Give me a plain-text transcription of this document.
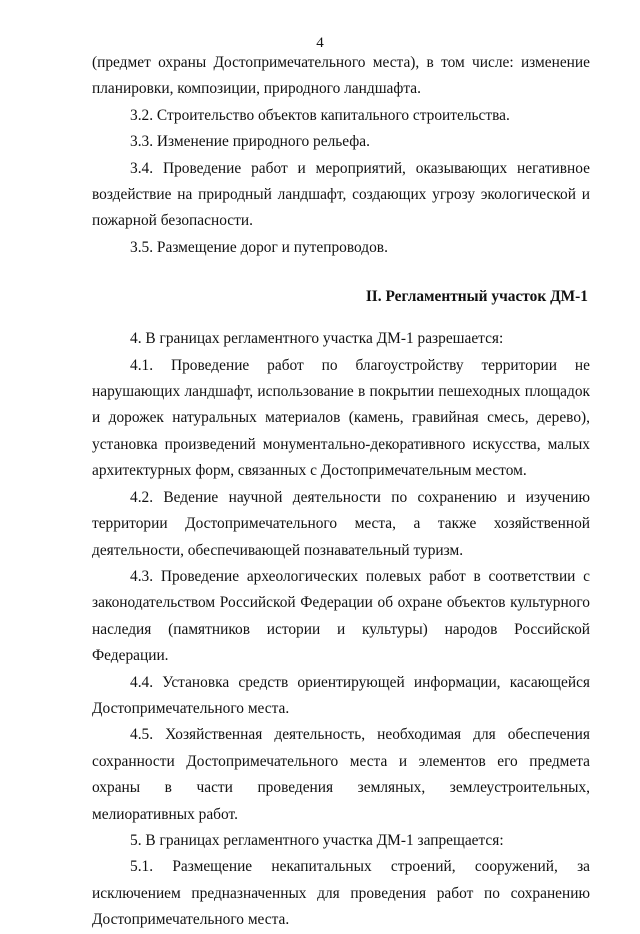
4

(предмет охраны Достопримечательного места), в том числе: изменение планировки, композиции, природного ландшафта.

3.2. Строительство объектов капитального строительства.

3.3. Изменение природного рельефа.

3.4. Проведение работ и мероприятий, оказывающих негативное воздействие на природный ландшафт, создающих угрозу экологической и пожарной безопасности.

3.5. Размещение дорог и путепроводов.

II. Регламентный участок ДМ-1

4. В границах регламентного участка ДМ-1 разрешается:

4.1. Проведение работ по благоустройству территории не нарушающих ландшафт, использование в покрытии пешеходных площадок и дорожек натуральных материалов (камень, гравийная смесь, дерево), установка произведений монументально-декоративного искусства, малых архитектурных форм, связанных с Достопримечательным местом.

4.2. Ведение научной деятельности по сохранению и изучению территории Достопримечательного места, а также хозяйственной деятельности, обеспечивающей познавательный туризм.

4.3. Проведение археологических полевых работ в соответствии с законодательством Российской Федерации об охране объектов культурного наследия (памятников истории и культуры) народов Российской Федерации.

4.4. Установка средств ориентирующей информации, касающейся Достопримечательного места.

4.5. Хозяйственная деятельность, необходимая для обеспечения сохранности Достопримечательного места и элементов его предмета охраны в части проведения земляных, землеустроительных, мелиоративных работ.

5. В границах регламентного участка ДМ-1 запрещается:

5.1. Размещение некапитальных строений, сооружений, за исключением предназначенных для проведения работ по сохранению Достопримечательного места.
